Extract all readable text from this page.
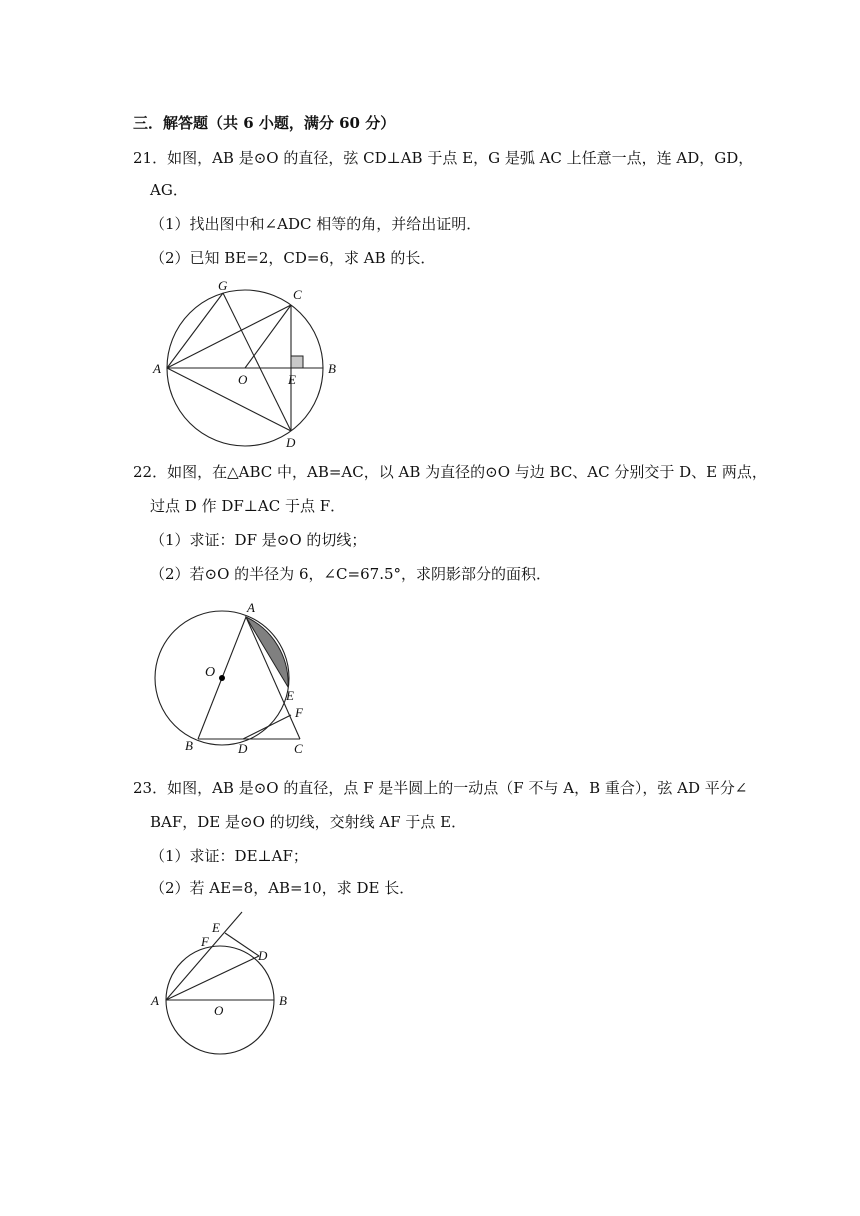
三．解答题（共 6 小题，满分 60 分）
21．如图，AB 是⊙O 的直径，弦 CD⊥AB 于点 E，G 是弧 AC 上任意一点，连 AD，GD，
AG．
（1）找出图中和∠ADC 相等的角，并给出证明．
（2）已知 BE=2，CD=6，求 AB 的长．
G
C
A
O	E
B
D
22．如图，在△ABC 中，AB=AC，以 AB 为直径的⊙O 与边 BC、AC 分别交于 D、E 两点，
过点 D 作 DF⊥AC 于点 F．
（1）求证：DF 是⊙O 的切线；
（2）若⊙O 的半径为 6，∠C=67.5°，求阴影部分的面积．
A
O
E
F
B	D	C
23．如图，AB 是⊙O 的直径，点 F 是半圆上的一动点（F 不与 A，B 重合），弦 AD 平分∠
BAF，DE 是⊙O 的切线，交射线 AF 于点 E．
（1）求证：DE⊥AF；
（2）若 AE=8，AB=10，求 DE 长．
E
F
D
A
O
B
